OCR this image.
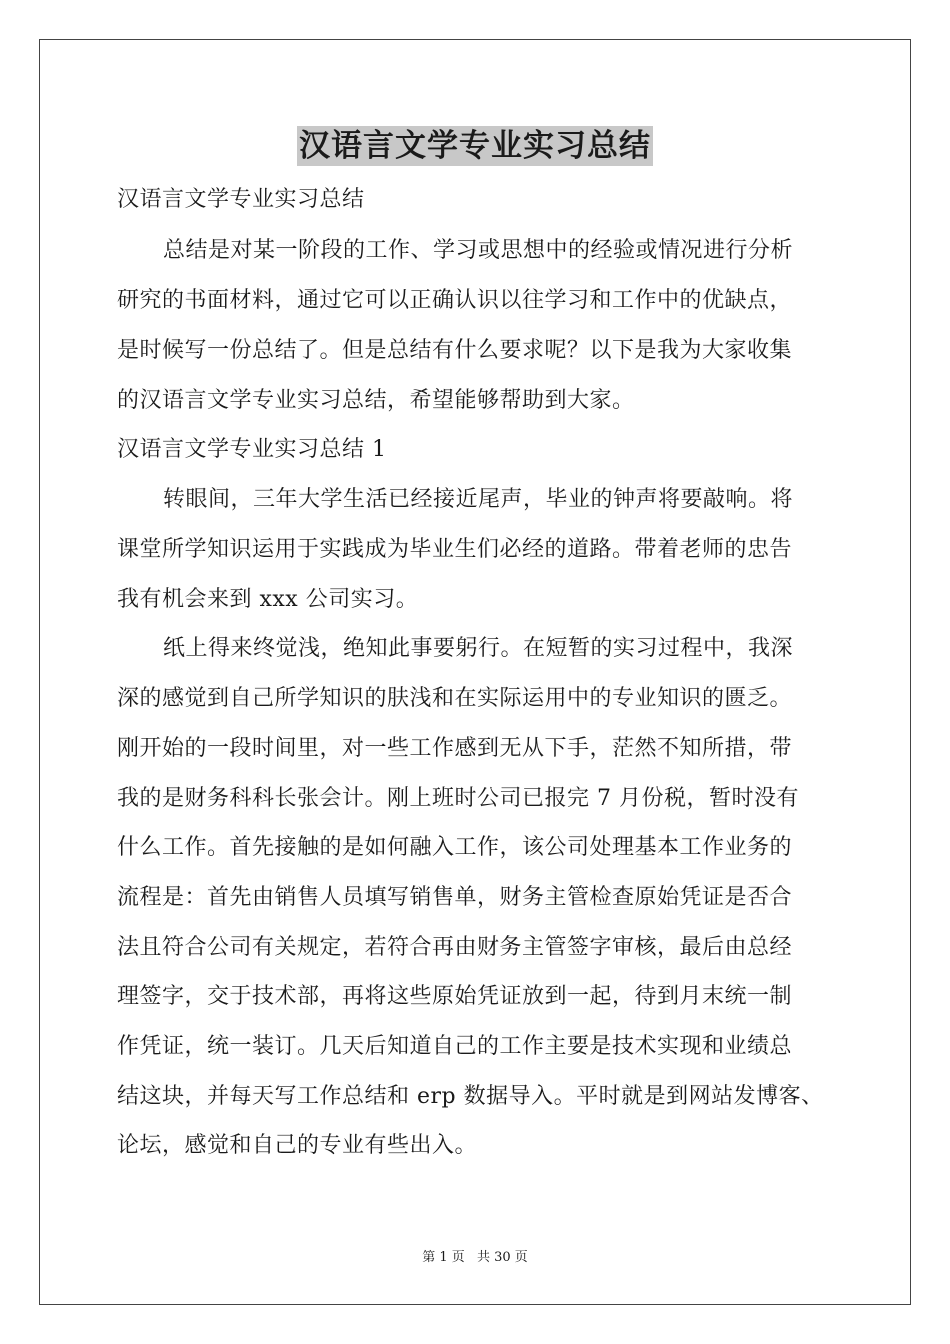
汉语言文学专业实习总结
汉语言文学专业实习总结
总结是对某一阶段的工作、学习或思想中的经验或情况进行分析
研究的书面材料，通过它可以正确认识以往学习和工作中的优缺点，
是时候写一份总结了。但是总结有什么要求呢？以下是我为大家收集
的汉语言文学专业实习总结，希望能够帮助到大家。
汉语言文学专业实习总结 1
转眼间，三年大学生活已经接近尾声，毕业的钟声将要敲响。将
课堂所学知识运用于实践成为毕业生们必经的道路。带着老师的忠告
我有机会来到 xxx 公司实习。
纸上得来终觉浅，绝知此事要躬行。在短暂的实习过程中，我深
深的感觉到自己所学知识的肤浅和在实际运用中的专业知识的匮乏。
刚开始的一段时间里，对一些工作感到无从下手，茫然不知所措，带
我的是财务科科长张会计。刚上班时公司已报完 7 月份税，暂时没有
什么工作。首先接触的是如何融入工作，该公司处理基本工作业务的
流程是：首先由销售人员填写销售单，财务主管检查原始凭证是否合
法且符合公司有关规定，若符合再由财务主管签字审核，最后由总经
理签字，交于技术部，再将这些原始凭证放到一起，待到月末统一制
作凭证，统一装订。几天后知道自己的工作主要是技术实现和业绩总
结这块，并每天写工作总结和 erp 数据导入。平时就是到网站发博客、
论坛，感觉和自己的专业有些出入。
第 1 页 共 30 页
